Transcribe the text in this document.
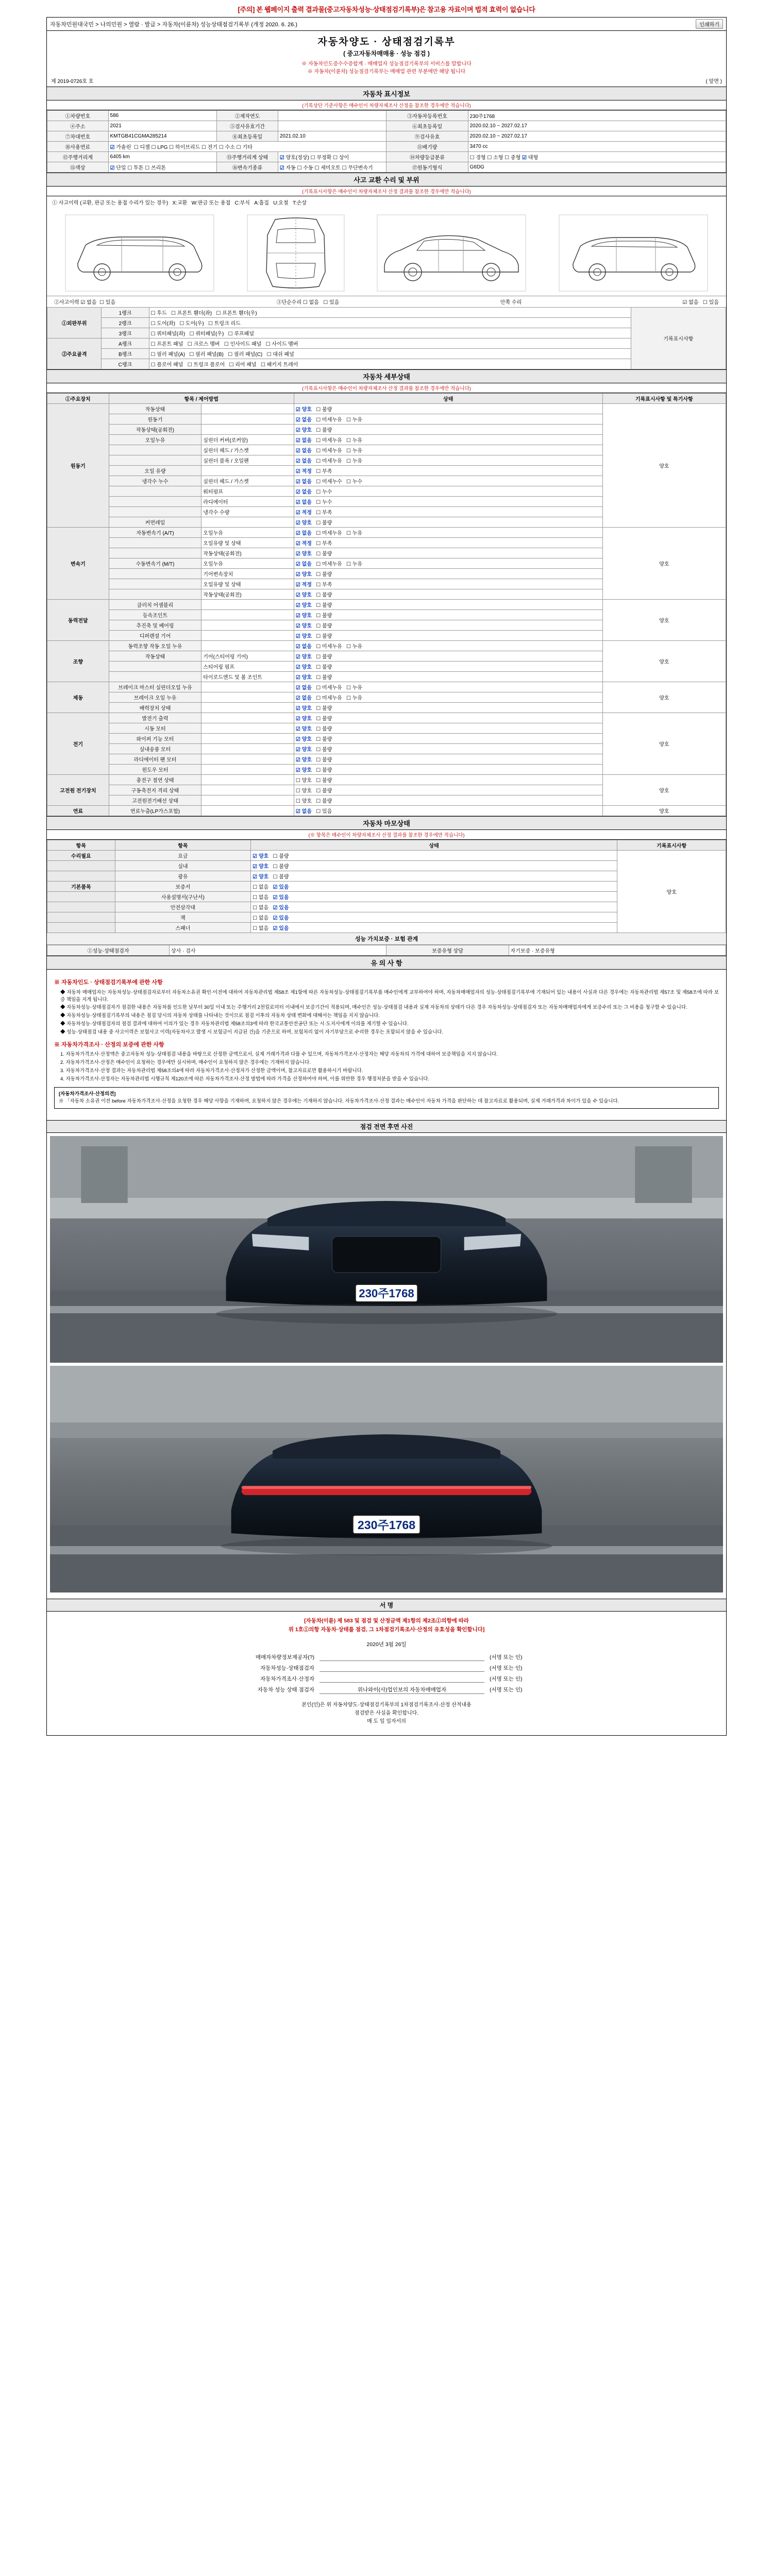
[주의] 본 웹페이지 출력 결과물(중고자동차성능·상태점검기록부)은 참고용 자료이며 법적 효력이 없습니다
자동차민원대국민 > 나의민원 > 열람 · 발급 > 자동차(이륜차) 성능상태점검기록부 (개정 2020. 6. 26.)	인쇄하기
자동차양도 · 상태점검기록부
( 중고자동차매매용 · 성능 점검 )
※ 자동차인도증수수증합계 · 매매업자 성능점검기록부의 서비스를 말합니다
※ 자동차(이륜차) 성능점검기록부는 매매업 관련 부분에만 해당 됩니다
제 2019-0726호 호	( 앞면 )
자동차 표시정보
(기록상단 기준사항은 매수인이 차량자체조사 산정을 참조한 경우에만 적습니다)
①차량번호	586	②제작연도		③자동차등록번호	230주1768
④주소	2021	⑤검사유효기간		⑥최초등록일	2020.02.10 ~ 2027.02.17
⑦차대번호	KMTGB41CGMA285214	⑧최초등록일	2021.02.10	⑨검사유효	2020.02.10 ~ 2027.02.17
⑩사용연료	☑ 가솔린  ☐ 디젤 ☐ LPG ☐ 하이브리드 ☐ 전기 ☐ 수소 ☐ 기타			⑪배기량	3470 cc
⑫주행거리계	6405 km	⑬주행거리계 상태	☑ 양호(정상) ☐ 부정확 ☐ 상이	⑭차량등급분류	☐ 경형 ☐ 소형 ☐ 중형 ☑ 대형
⑮색상	☑ 단일 ☐ 투톤 ☐ 쓰리톤	⑯변속기종류	☑ 자동 ☐ 수동 ☐ 세미오토 ☐ 무단변속기	⑰원동기형식	G6DG
사고 교환 수리 및 부위
(기록표시사항은 매수인이 차량자체조사 산정 결과를 참조한 경우에만 적습니다)
① 사고이력 (교환, 판금 또는 용접 수리가 있는 경우)   X:교환   W:판금 또는 용접   C:부식   A:흠집   U:요철   T:손상
②사고이력 ☑ 없음  ☐ 있음	③단순수리 ☐ 없음   ☐ 있음	안쪽 수리	☑ 없음   ☐ 있음
①외판부위	1랭크	☐ 후드   ☐ 프론트 휀더(좌)   ☐ 프론트 휀더(우)	기록표시사항
	2랭크	☐ 도어(좌)   ☐ 도어(우)   ☐ 트렁크 리드	
	3랭크	☐ 쿼터패널(좌)   ☐ 쿼터패널(우)   ☐ 루프패널	
②주요골격	A랭크	☐ 프론트 패널   ☐ 크로스 멤버   ☐ 인사이드 패널   ☐ 사이드 멤버	
	B랭크	☐ 필러 패널(A)   ☐ 필러 패널(B)   ☐ 필러 패널(C)   ☐ 대쉬 패널	
	C랭크	☐ 플로어 패널   ☐ 트렁크 플로어   ☐ 리어 패널   ☐ 패키지 트레이	
자동차 세부상태
(기록표시사항은 매수인이 차량자체조사 산정 결과를 참조한 경우에만 적습니다)
①주요장치	항목 / 제어방법		상태	기록표시사항 및 특기사항
원동기	작동상태		☑ 양호 ☐ 불량	양호
	원동기		☑ 없음 ☐ 미세누유 ☐ 누유	
	작동상태(공회전)		☑ 양호 ☐ 불량	
	오일누유	실린더 커버(로커암)	☑ 없음 ☐ 미세누유 ☐ 누유	
		실린더 헤드 / 가스켓	☑ 없음 ☐ 미세누유 ☐ 누유	
		실린더 블록 / 오일팬	☑ 없음 ☐ 미세누유 ☐ 누유	
	오일 유량		☑ 적정 ☐ 부족	
	냉각수 누수	실린더 헤드 / 가스켓	☑ 없음 ☐ 미세누수 ☐ 누수	
		워터펌프	☑ 없음 ☐ 누수	
		라디에이터	☑ 없음 ☐ 누수	
		냉각수 수량	☑ 적정 ☐ 부족	
	커먼레일		☑ 양호 ☐ 불량	
변속기	자동변속기 (A/T)	오일누유	☑ 없음 ☐ 미세누유 ☐ 누유	양호
		오일유량 및 상태	☑ 적정 ☐ 부족	
		작동상태(공회전)	☑ 양호 ☐ 불량	
	수동변속기 (M/T)	오일누유	☑ 없음 ☐ 미세누유 ☐ 누유	
		기어변속장치	☑ 양호 ☐ 불량	
		오일유량 및 상태	☑ 적정 ☐ 부족	
		작동상태(공회전)	☑ 양호 ☐ 불량	
동력전달	클러치 어셈블리		☑ 양호 ☐ 불량	양호
	등속조인트		☑ 양호 ☐ 불량	
	추진축 및 베어링		☑ 양호 ☐ 불량	
	디퍼렌셜 기어		☑ 양호 ☐ 불량	
조향	동력조향 작동 오일 누유		☑ 없음 ☐ 미세누유 ☐ 누유	양호
	작동상태	기어(스티어링 기어)	☑ 양호 ☐ 불량	
		스티어링 펌프	☑ 양호 ☐ 불량	
		타이로드엔드 및 볼 조인트	☑ 양호 ☐ 불량	
제동	브레이크 마스터 실린더오일 누유		☑ 없음 ☐ 미세누유 ☐ 누유	양호
	브레이크 오일 누유		☑ 없음 ☐ 미세누유 ☐ 누유	
	배력장치 상태		☑ 양호 ☐ 불량	
전기	발전기 출력		☑ 양호 ☐ 불량	양호
	시동 모터		☑ 양호 ☐ 불량	
	와이퍼 기능 모터		☑ 양호 ☐ 불량	
	실내송풍 모터		☑ 양호 ☐ 불량	
	라디에이터 팬 모터		☑ 양호 ☐ 불량	
	윈도우 모터		☑ 양호 ☐ 불량	
고전원 전기장치	충전구 절연 상태		☐ 양호 ☐ 불량	양호
	구동축전지 격리 상태		☐ 양호 ☐ 불량	
	고전원전기배선 상태		☐ 양호 ☐ 불량	
연료	연료누출(LP가스포함)		☑ 없음 ☐ 있음	양호
자동차 마모상태
(※ 항목은 매수인이 차량자체조사 산정 결과를 참조한 경우에만 적습니다)
항목	항목	상태	기록표시사항
수리필요	요금	☑ 양호 ☐ 불량	양호
	실내	☑ 양호 ☐ 불량	
	광유	☑ 양호 ☐ 불량	
기본품목	보증서	☐ 없음 ☑ 있음	
	사용설명서(구난서)	☐ 없음 ☑ 있음	
	안전삼각대	☐ 없음 ☑ 있음	
	잭	☐ 없음 ☑ 있음	
	스패너	☐ 없음 ☑ 있음	
성능 가치보증 · 보험 관계
①성능·상태점검자	상사 · 검사	보증유형 상담	자기보증 · 보증유형
유 의 사 항
※ 자동차인도 · 상태점검기록부에 관한 사항

◆ 자동차 매매업자는 자동차성능·상태점검자로부터 자동차소유권 확인·이전에 대하여 자동차관리법 제58조 제1항에 따른 자동차성능·상태점검기록부를 매수인에게 교부하여야 하며, 자동차매매업자의 성능·상태점검기록부에 기재되어 있는 내용이 사실과 다른 경우에는 자동차관리법 제57조 및 제58조에 따라 보증 책임을 지게 됩니다.

◆ 자동차성능·상태점검자가 점검한 내용은 자동차를 인도한 날부터 30일 이내 또는 주행거리 2천킬로미터 이내에서 보증기간이 적용되며, 매수인은 성능·상태점검 내용과 실제 자동차의 상태가 다른 경우 자동차성능·상태점검자 또는 자동차매매업자에게 보증수리 또는 그 비용을 청구할 수 있습니다.

◆ 자동차성능·상태점검기록부의 내용은 점검 당시의 자동차 상태를 나타내는 것이므로 점검 이후의 자동차 상태 변화에 대해서는 책임을 지지 않습니다.

◆ 자동차성능·상태점검자의 점검 결과에 대하여 이의가 있는 경우 자동차관리법 제58조의3에 따라 한국교통안전공단 또는 시·도지사에게 이의를 제기할 수 있습니다.

◆ 성능·상태점검 내용 중 사고이력은 보험사고 이력(자동차사고 발생 시 보험금이 지급된 건)을 기준으로 하며, 보험처리 없이 자기부담으로 수리한 경우는 포함되지 않을 수 있습니다.

※ 자동차가격조사 · 산정의 보증에 관한 사항

1. 자동차가격조사·산정액은 중고자동차 성능·상태점검 내용을 바탕으로 산정한 금액으로서, 실제 거래가격과 다를 수 있으며, 자동차가격조사·산정자는 해당 자동차의 가격에 대하여 보증책임을 지지 않습니다.

2. 자동차가격조사·산정은 매수인이 요청하는 경우에만 실시하며, 매수인이 요청하지 않은 경우에는 기재하지 않습니다.

3. 자동차가격조사·산정 결과는 자동차관리법 제58조의4에 따라 자동차가격조사·산정자가 산정한 금액이며, 참고자료로만 활용하시기 바랍니다.

4. 자동차가격조사·산정자는 자동차관리법 시행규칙 제120조에 따른 자동차가격조사·산정 방법에 따라 가격을 산정하여야 하며, 이를 위반한 경우 행정처분을 받을 수 있습니다.

[자동차가격조사·산정의견]
※ 「자동차 소유권 이전 before 자동차가격조사·산정을 요청한 경우 해당 사항을 기재하며, 요청하지 않은 경우에는 기재하지 않습니다. 자동차가격조사·산정 결과는 매수인이 자동차 가격을 판단하는 데 참고자료로 활용되며, 실제 거래가격과 차이가 있을 수 있습니다.
점검 전면 후면 사진
230주1768
230주1768
서 명
[자동차(이륜) 제 583 및 점검 및 산정금액 제1항의 제2조①의항에 따라
위 1호①의항 자동차·상태를 점검, 그 1차점검기록조사·산정의 유효성을 확인합니다]
2020년 3월 26일
매매자차량정보제공자(?)	(서명 또는 인)
자동차성능·상태점검자	(서명 또는 인)
자동차가격조사·산정자	(서명 또는 인)
자동차 성능 상태 점검자	위나와이(사)업인보의 자동차매매업자	(서명 또는 인)
본인(인)은 위 자동차양도·상태점검기록부의 1차점검기록조사·산정 산적내용
점검받은 사실을 확인합니다.
매 도 일 일자서의
